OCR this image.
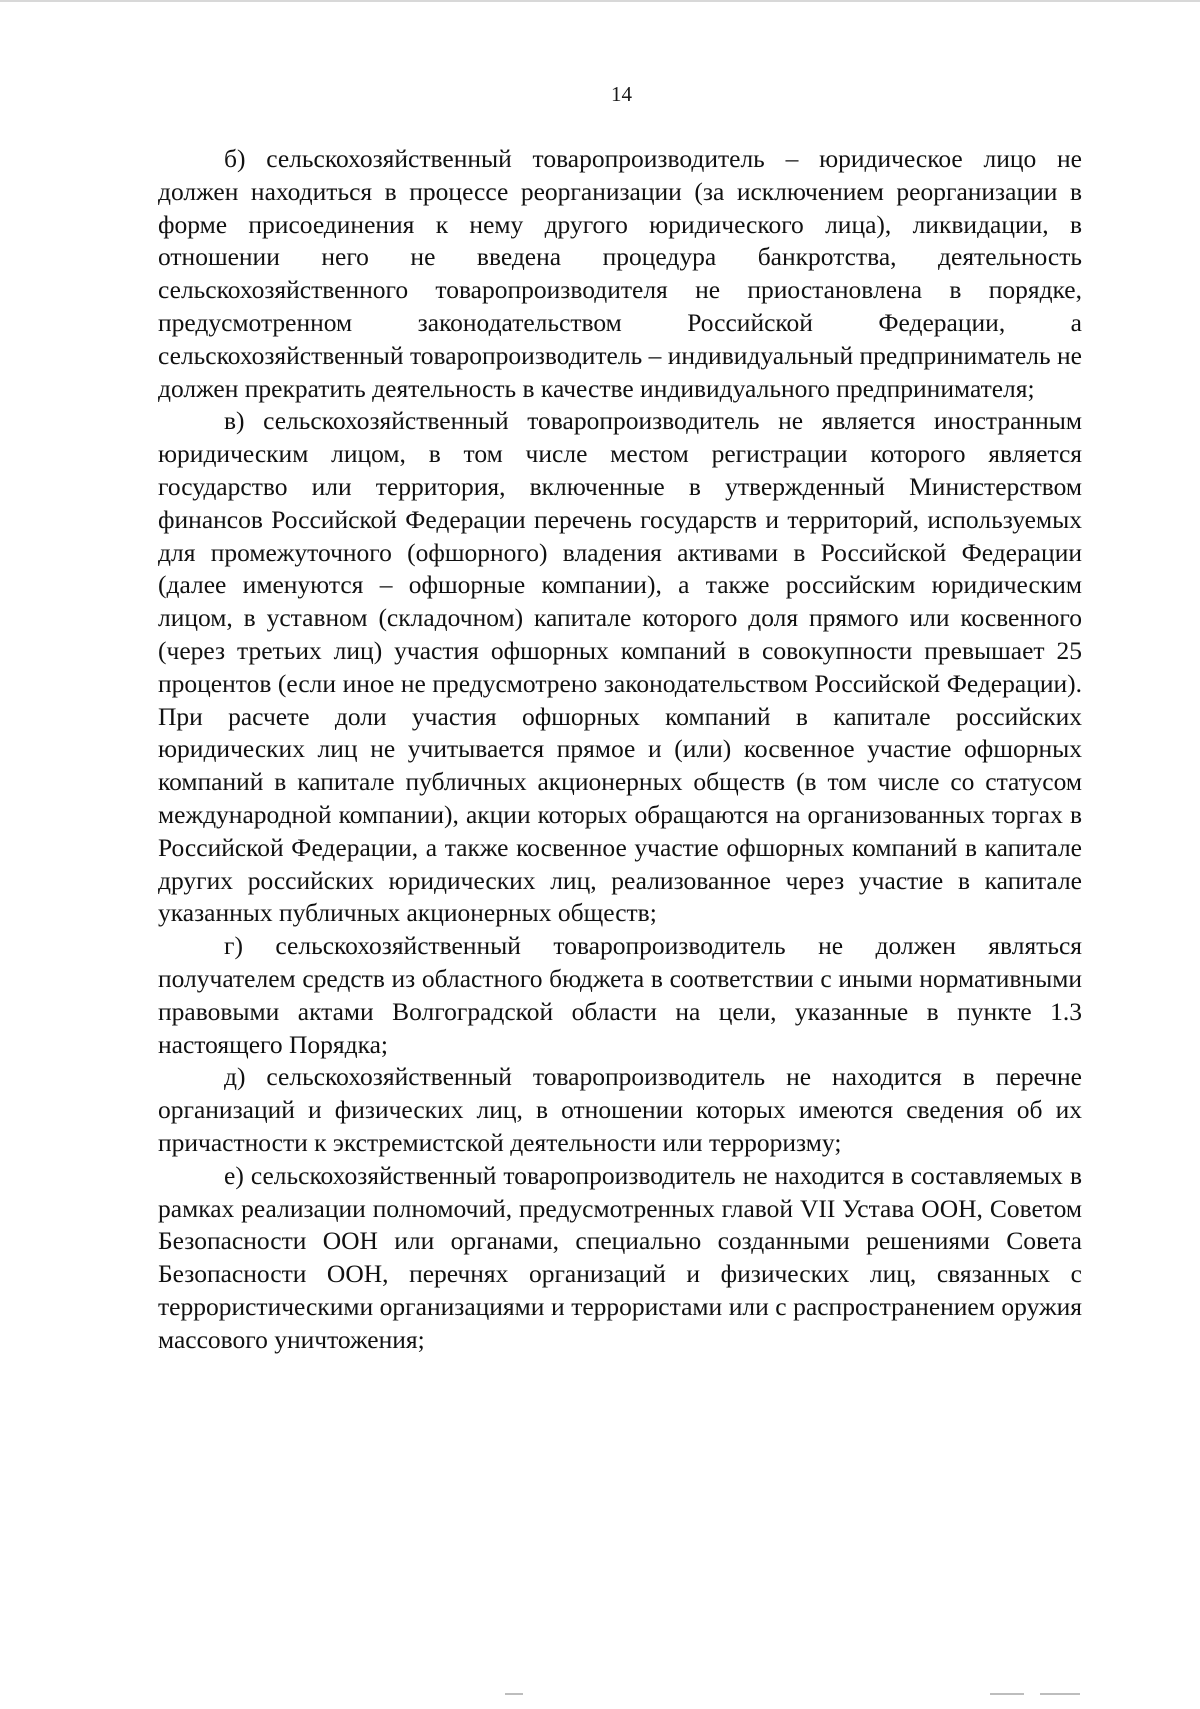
14

б) сельскохозяйственный товаропроизводитель – юридическое лицо не должен находиться в процессе реорганизации (за исключением реорганизации в форме присоединения к нему другого юридического лица), ликвидации, в отношении него не введена процедура банкротства, деятельность сельскохозяйственного товаропроизводителя не приостановлена в порядке, предусмотренном законодательством Российской Федерации, а сельскохозяйственный товаропроизводитель – индивидуальный предприниматель не должен прекратить деятельность в качестве индивидуального предпринимателя;

в) сельскохозяйственный товаропроизводитель не является иностранным юридическим лицом, в том числе местом регистрации которого является государство или территория, включенные в утвержденный Министерством финансов Российской Федерации перечень государств и территорий, используемых для промежуточного (офшорного) владения активами в Российской Федерации (далее именуются – офшорные компании), а также российским юридическим лицом, в уставном (складочном) капитале которого доля прямого или косвенного (через третьих лиц) участия офшорных компаний в совокупности превышает 25 процентов (если иное не предусмотрено законодательством Российской Федерации). При расчете доли участия офшорных компаний в капитале российских юридических лиц не учитывается прямое и (или) косвенное участие офшорных компаний в капитале публичных акционерных обществ (в том числе со статусом международной компании), акции которых обращаются на организованных торгах в Российской Федерации, а также косвенное участие офшорных компаний в капитале других российских юридических лиц, реализованное через участие в капитале указанных публичных акционерных обществ;

г) сельскохозяйственный товаропроизводитель не должен являться получателем средств из областного бюджета в соответствии с иными нормативными правовыми актами Волгоградской области на цели, указанные в пункте 1.3 настоящего Порядка;

д) сельскохозяйственный товаропроизводитель не находится в перечне организаций и физических лиц, в отношении которых имеются сведения об их причастности к экстремистской деятельности или терроризму;

е) сельскохозяйственный товаропроизводитель не находится в составляемых в рамках реализации полномочий, предусмотренных главой VII Устава ООН, Советом Безопасности ООН или органами, специально созданными решениями Совета Безопасности ООН, перечнях организаций и физических лиц, связанных с террористическими организациями и террористами или с распространением оружия массового уничтожения;
